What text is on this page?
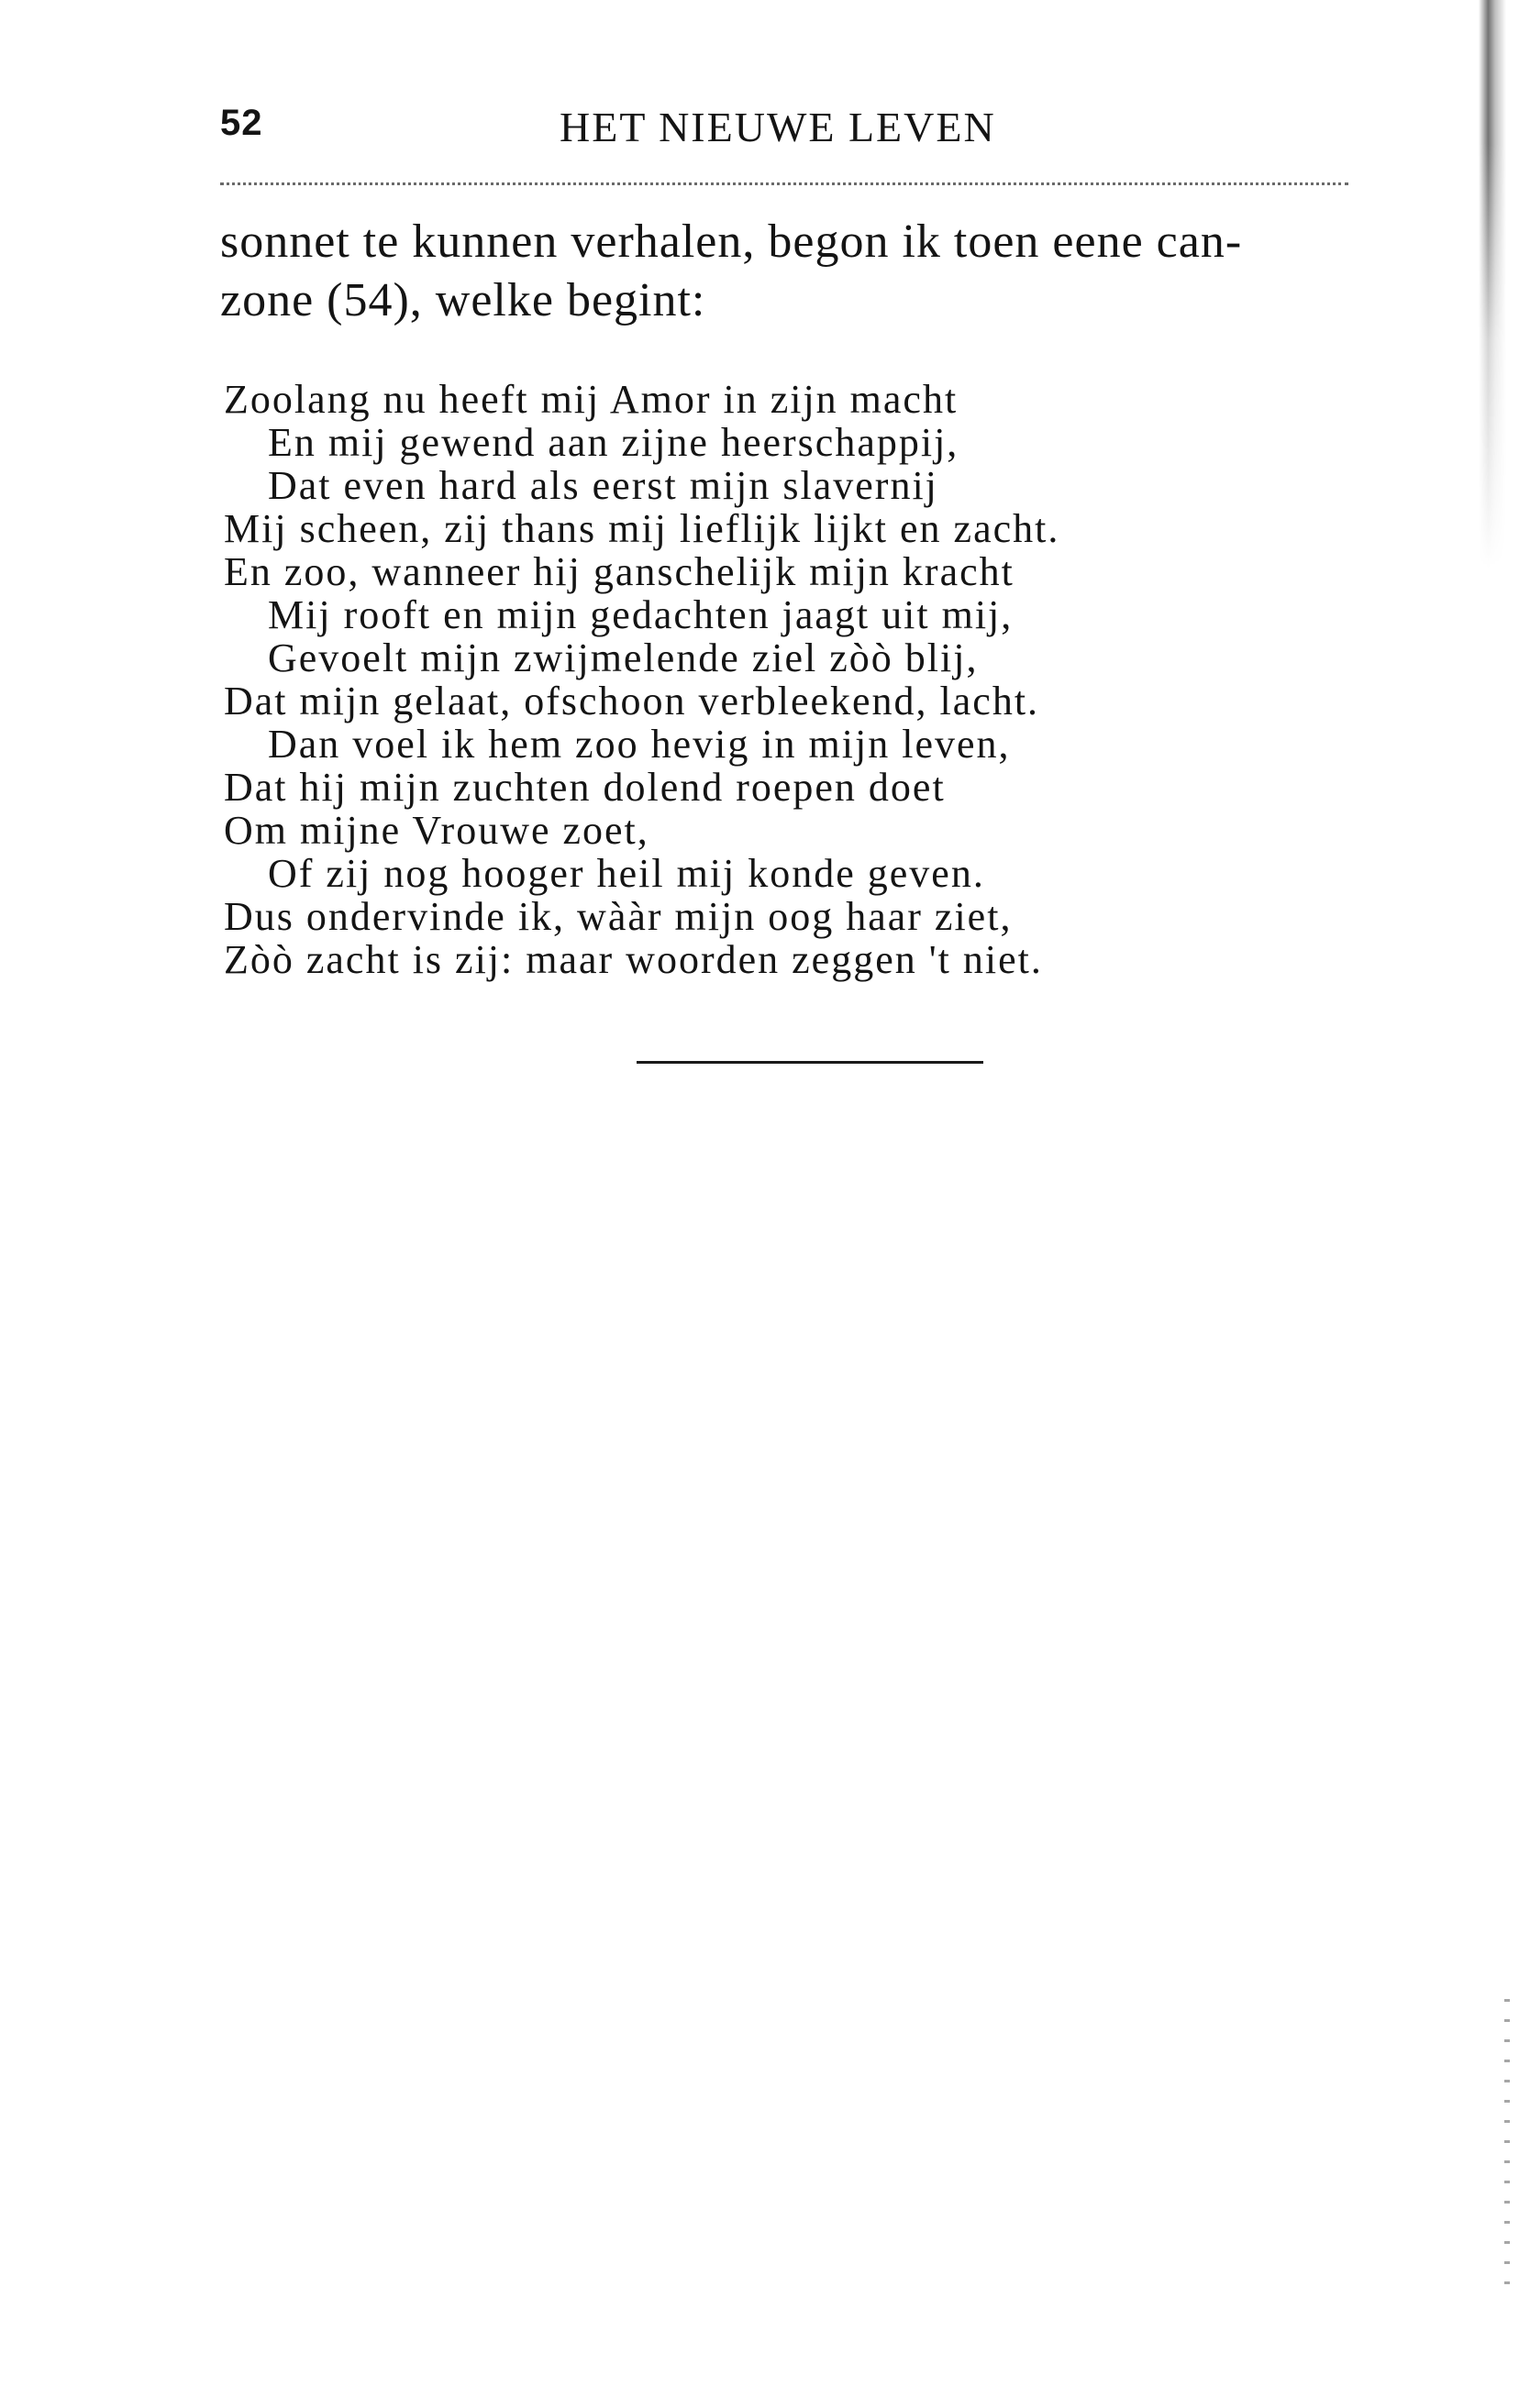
52	HET NIEUWE LEVEN

sonnet te kunnen verhalen, begon ik toen eene can-

zone (54), welke begint:

Zoolang nu heeft mij Amor in zijn macht
En mij gewend aan zijne heerschappij,
Dat even hard als eerst mijn slavernij
Mij scheen, zij thans mij lieflijk lijkt en zacht.
En zoo, wanneer hij ganschelijk mijn kracht
Mij rooft en mijn gedachten jaagt uit mij,
Gevoelt mijn zwijmelende ziel zòò blij,
Dat mijn gelaat, ofschoon verbleekend, lacht.
Dan voel ik hem zoo hevig in mijn leven,
Dat hij mijn zuchten dolend roepen doet
Om mijne Vrouwe zoet,
Of zij nog hooger heil mij konde geven.
Dus ondervinde ik, wààr mijn oog haar ziet,
Zòò zacht is zij: maar woorden zeggen 't niet.
